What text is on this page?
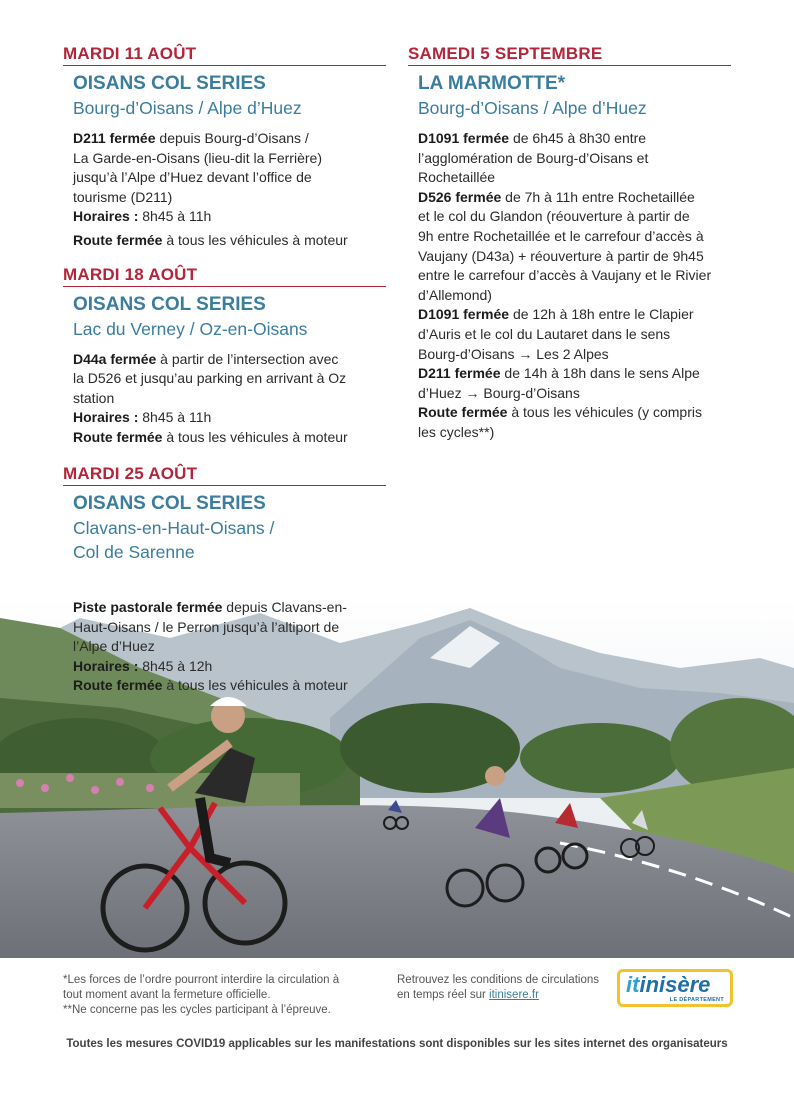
MARDI 11 AOÛT
OISANS COL SERIES
Bourg-d’Oisans / Alpe d’Huez
D211 fermée depuis Bourg-d’Oisans /
La Garde-en-Oisans (lieu-dit la Ferrière)
jusqu’à l’Alpe d’Huez devant l’office de
tourisme (D211)
Horaires : 8h45 à 11h
Route fermée à tous les véhicules à moteur
MARDI 18 AOÛT
OISANS COL SERIES
Lac du Verney / Oz-en-Oisans
D44a fermée à partir de l’intersection avec
la D526 et jusqu’au parking en arrivant à Oz
station
Horaires : 8h45 à 11h
Route fermée à tous les véhicules à moteur
MARDI 25 AOÛT
OISANS COL SERIES
Clavans-en-Haut-Oisans /
Col de Sarenne
Piste pastorale fermée depuis Clavans-en-
Haut-Oisans / le Perron jusqu’à l’altiport de
l’Alpe d’Huez
Horaires : 8h45 à 12h
Route fermée à tous les véhicules à moteur
SAMEDI 5 SEPTEMBRE
LA MARMOTTE*
Bourg-d’Oisans / Alpe d’Huez
D1091 fermée de 6h45 à 8h30 entre
l’agglomération de Bourg-d’Oisans et
Rochetaillée
D526 fermée de 7h à 11h entre Rochetaillée
et le col du Glandon (réouverture à partir de
9h entre Rochetaillée et le carrefour d’accès à
Vaujany (D43a) + réouverture à partir de 9h45
entre le carrefour d’accès à Vaujany et le Rivier
d’Allemond)
D1091 fermée de 12h à 18h entre le Clapier
d’Auris et le col du Lautaret dans le sens
Bourg-d’Oisans → Les 2 Alpes
D211 fermée de 14h à 18h dans le sens Alpe
d’Huez → Bourg-d’Oisans
Route fermée à tous les véhicules (y compris
les cycles**)
*Les forces de l’ordre pourront interdire la circulation à
tout moment avant la fermeture officielle.
**Ne concerne pas les cycles participant à l’épreuve.
Retrouvez les conditions de circulations
en temps réel sur itinisere.fr	itinisère
LE DÉPARTEMENT
Toutes les mesures COVID19 applicables sur les manifestations sont disponibles sur les sites internet des organisateurs
